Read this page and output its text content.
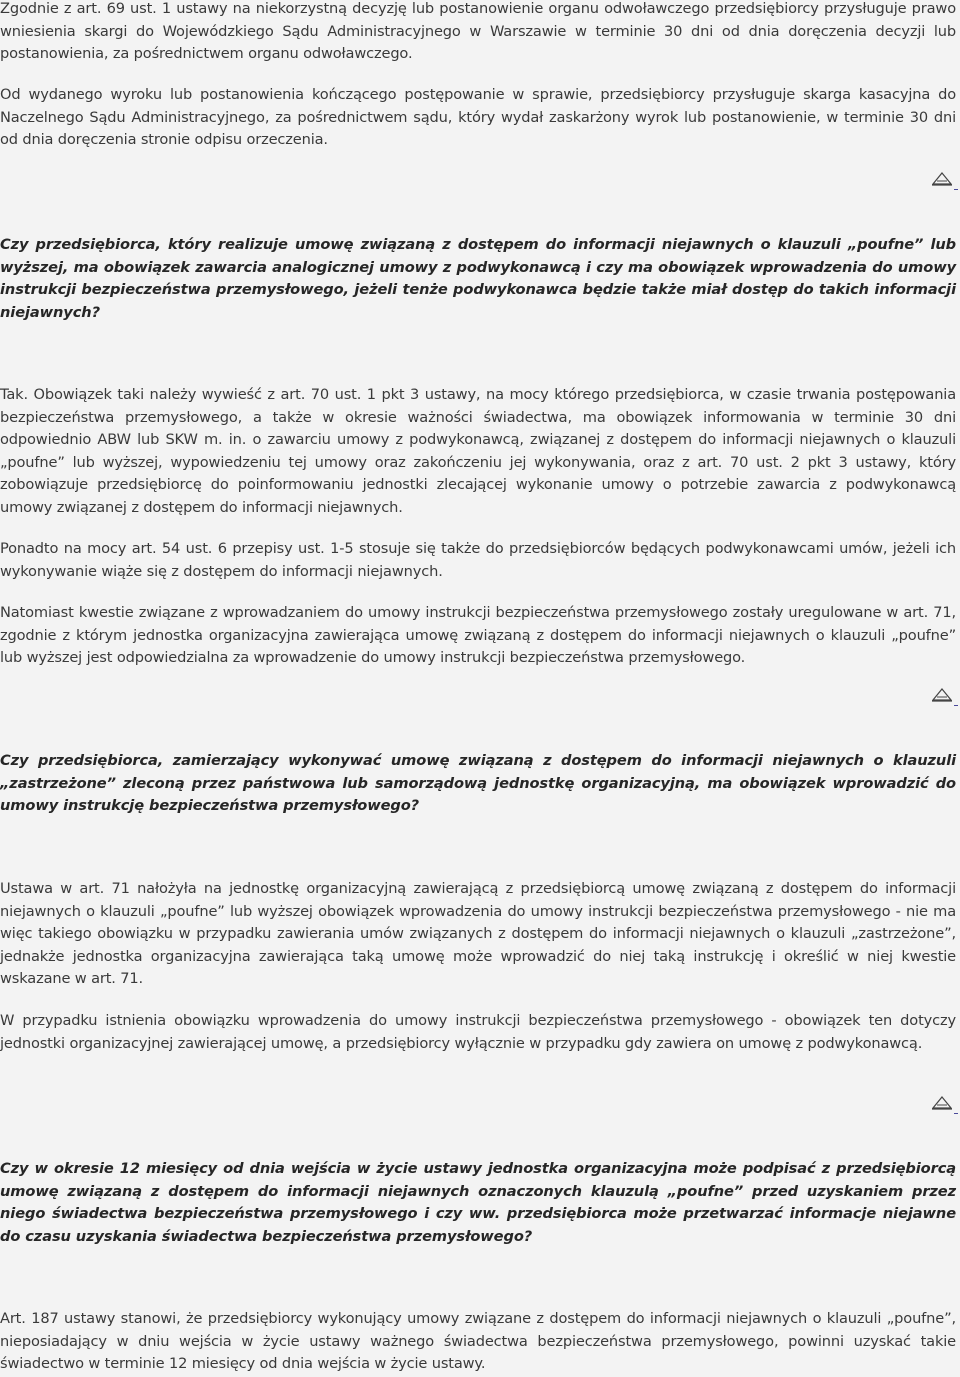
Zgodnie z art. 69 ust. 1 ustawy na niekorzystną decyzję lub postanowienie organu odwoławczego przedsiębiorcy przysługuje prawo wniesienia skargi do Wojewódzkiego Sądu Administracyjnego w Warszawie w terminie 30 dni od dnia doręczenia decyzji lub postanowienia, za pośrednictwem organu odwoławczego.

Od wydanego wyroku lub postanowienia kończącego postępowanie w sprawie, przedsiębiorcy przysługuje skarga kasacyjna do Naczelnego Sądu Administracyjnego, za pośrednictwem sądu, który wydał zaskarżony wyrok lub postanowienie, w terminie 30 dni od dnia doręczenia stronie odpisu orzeczenia.

Czy przedsiębiorca, który realizuje umowę związaną z dostępem do informacji niejawnych o klauzuli „poufne” lub wyższej, ma obowiązek zawarcia analogicznej umowy z podwykonawcą i czy ma obowiązek wprowadzenia do umowy instrukcji bezpieczeństwa przemysłowego, jeżeli tenże podwykonawca będzie także miał dostęp do takich informacji niejawnych?

Tak. Obowiązek taki należy wywieść z art. 70 ust. 1 pkt 3 ustawy, na mocy którego przedsiębiorca, w czasie trwania postępowania bezpieczeństwa przemysłowego, a także w okresie ważności świadectwa, ma obowiązek informowania w terminie 30 dni odpowiednio ABW lub SKW m. in. o zawarciu umowy z podwykonawcą, związanej z dostępem do informacji niejawnych o klauzuli „poufne” lub wyższej, wypowiedzeniu tej umowy oraz zakończeniu jej wykonywania, oraz z art. 70 ust. 2 pkt 3 ustawy, który zobowiązuje przedsiębiorcę do poinformowaniu jednostki zlecającej wykonanie umowy o potrzebie zawarcia z podwykonawcą umowy związanej z dostępem do informacji niejawnych.

Ponadto na mocy art. 54 ust. 6 przepisy ust. 1-5 stosuje się także do przedsiębiorców będących podwykonawcami umów, jeżeli ich wykonywanie wiąże się z dostępem do informacji niejawnych.

Natomiast kwestie związane z wprowadzaniem do umowy instrukcji bezpieczeństwa przemysłowego zostały uregulowane w art. 71, zgodnie z którym jednostka organizacyjna zawierająca umowę związaną z dostępem do informacji niejawnych o klauzuli „poufne” lub wyższej jest odpowiedzialna za wprowadzenie do umowy instrukcji bezpieczeństwa przemysłowego.

Czy przedsiębiorca, zamierzający wykonywać umowę związaną z dostępem do informacji niejawnych o klauzuli „zastrzeżone” zleconą przez państwowa lub samorządową jednostkę organizacyjną, ma obowiązek wprowadzić do umowy instrukcję bezpieczeństwa przemysłowego?

Ustawa w art. 71 nałożyła na jednostkę organizacyjną zawierającą z przedsiębiorcą umowę związaną z dostępem do informacji niejawnych o klauzuli „poufne” lub wyższej obowiązek wprowadzenia do umowy instrukcji bezpieczeństwa przemysłowego - nie ma więc takiego obowiązku w przypadku zawierania umów związanych z dostępem do informacji niejawnych o klauzuli „zastrzeżone”, jednakże jednostka organizacyjna zawierająca taką umowę może wprowadzić do niej taką instrukcję i określić w niej kwestie wskazane w art. 71.

W przypadku istnienia obowiązku wprowadzenia do umowy instrukcji bezpieczeństwa przemysłowego - obowiązek ten dotyczy jednostki organizacyjnej zawierającej umowę, a przedsiębiorcy wyłącznie w przypadku gdy zawiera on umowę z podwykonawcą.

Czy w okresie 12 miesięcy od dnia wejścia w życie ustawy jednostka organizacyjna może podpisać z przedsiębiorcą umowę związaną z dostępem do informacji niejawnych oznaczonych klauzulą „poufne” przed uzyskaniem przez niego świadectwa bezpieczeństwa przemysłowego i czy ww. przedsiębiorca może przetwarzać informacje niejawne do czasu uzyskania świadectwa bezpieczeństwa przemysłowego?

Art. 187 ustawy stanowi, że przedsiębiorcy wykonujący umowy związane z dostępem do informacji niejawnych o klauzuli „poufne”, nieposiadający w dniu wejścia w życie ustawy ważnego świadectwa bezpieczeństwa przemysłowego, powinni uzyskać takie świadectwo w terminie 12 miesięcy od dnia wejścia w życie ustawy.
